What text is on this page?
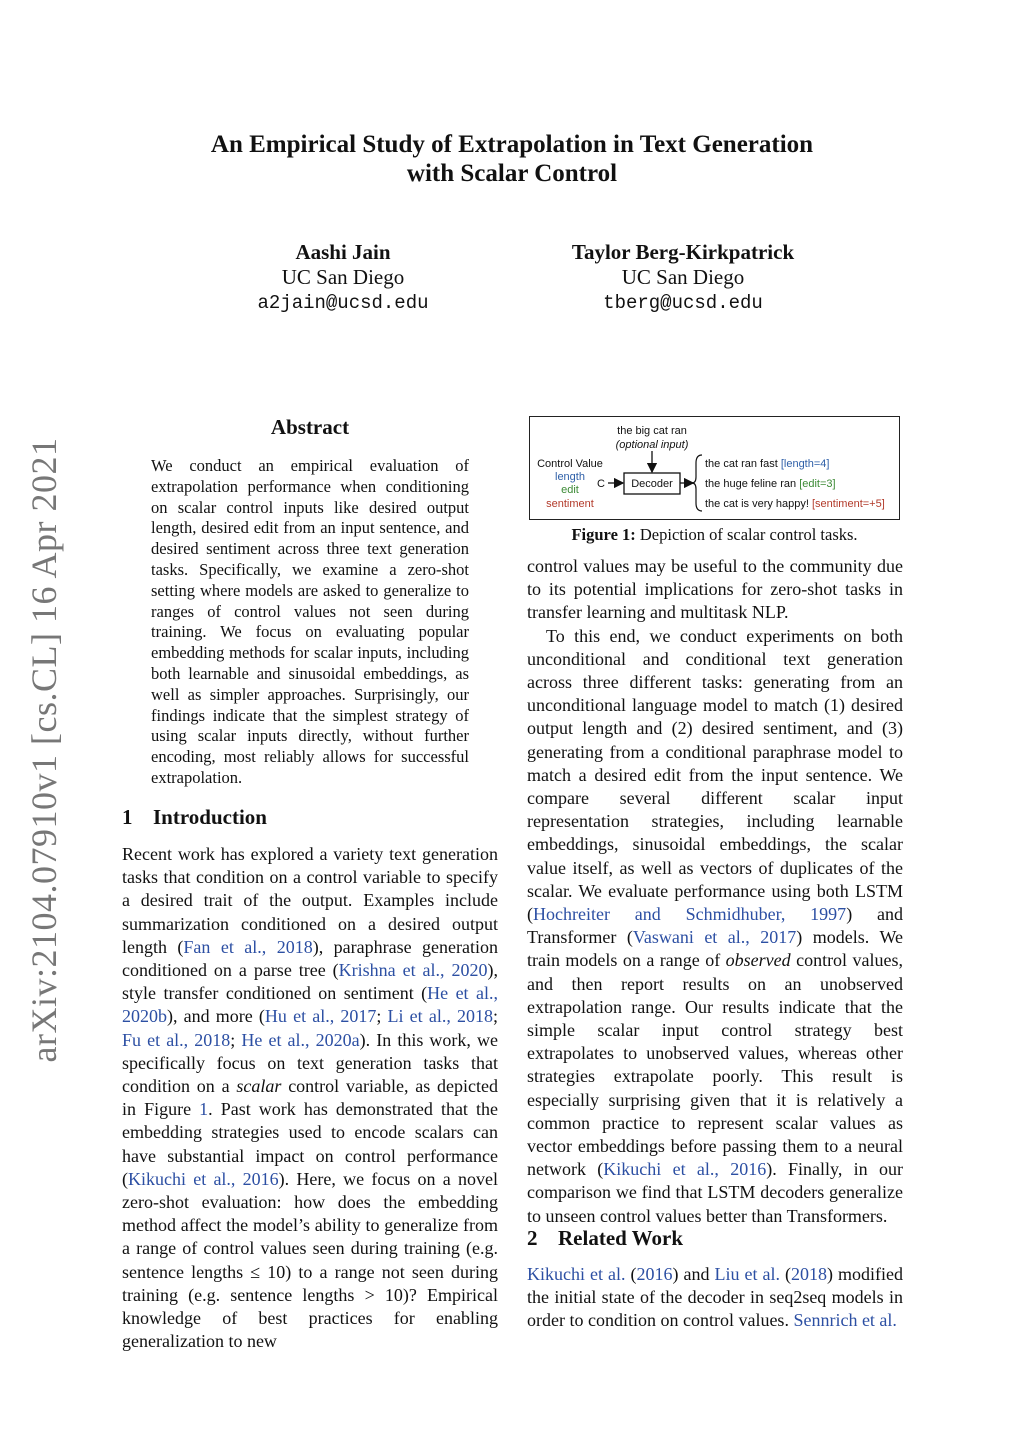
arXiv:2104.07910v1 [cs.CL] 16 Apr 2021
An Empirical Study of Extrapolation in Text Generation
with Scalar Control
Aashi Jain
UC San Diego
a2jain@ucsd.edu
Taylor Berg-Kirkpatrick
UC San Diego
tberg@ucsd.edu
Abstract
We conduct an empirical evaluation of extrapolation performance when conditioning on scalar control inputs like desired output length, desired edit from an input sentence, and desired sentiment across three text generation tasks. Specifically, we examine a zero-shot setting where models are asked to generalize to ranges of control values not seen during training. We focus on evaluating popular embedding methods for scalar inputs, including both learnable and sinusoidal embeddings, as well as simpler approaches. Surprisingly, our findings indicate that the simplest strategy of using scalar inputs directly, without further encoding, most reliably allows for successful extrapolation.
1 Introduction

Recent work has explored a variety text generation tasks that condition on a control variable to specify a desired trait of the output. Examples include summarization conditioned on a desired output length (Fan et al., 2018), paraphrase generation conditioned on a parse tree (Krishna et al., 2020), style transfer conditioned on sentiment (He et al., 2020b), and more (Hu et al., 2017; Li et al., 2018; Fu et al., 2018; He et al., 2020a). In this work, we specifically focus on text generation tasks that condition on a scalar control variable, as depicted in Figure 1. Past work has demonstrated that the embedding strategies used to encode scalars can have substantial impact on control performance (Kikuchi et al., 2016). Here, we focus on a novel zero-shot evaluation: how does the embedding method affect the model’s ability to generalize from a range of control values seen during training (e.g. sentence lengths ≤ 10) to a range not seen during training (e.g. sentence lengths > 10)? Empirical knowledge of best practices for enabling generalization to new

the big cat ran
(optional input)
Control Value
length
edit
sentiment
C Decoder
the cat ran fast [length=4]
the huge feline ran [edit=3]
the cat is very happy! [sentiment=+5]
Figure 1: Depiction of scalar control tasks.

control values may be useful to the community due to its potential implications for zero-shot tasks in transfer learning and multitask NLP.

To this end, we conduct experiments on both unconditional and conditional text generation across three different tasks: generating from an unconditional language model to match (1) desired output length and (2) desired sentiment, and (3) generating from a conditional paraphrase model to match a desired edit from the input sentence. We compare several different scalar input representation strategies, including learnable embeddings, sinusoidal embeddings, the scalar value itself, as well as vectors of duplicates of the scalar. We evaluate performance using both LSTM (Hochreiter and Schmidhuber, 1997) and Transformer (Vaswani et al., 2017) models. We train models on a range of observed control values, and then report results on an unobserved extrapolation range. Our results indicate that the simple scalar input control strategy best extrapolates to unobserved values, whereas other strategies extrapolate poorly. This result is especially surprising given that it is relatively a common practice to represent scalar values as vector embeddings before passing them to a neural network (Kikuchi et al., 2016). Finally, in our comparison we find that LSTM decoders generalize to unseen control values better than Transformers.

2 Related Work

Kikuchi et al. (2016) and Liu et al. (2018) modified the initial state of the decoder in seq2seq models in order to condition on control values. Sennrich et al.
